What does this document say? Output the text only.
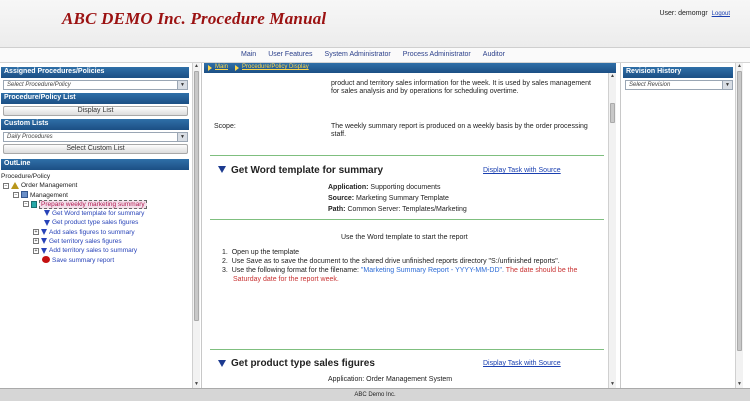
ABC DEMO Inc. Procedure Manual	User: demomgr Logout
Main User Features System Administrator Process Administrator Auditor
Assigned Procedures/Policies
Select Procedure/Policy	▼
Procedure/Policy List
Display List
Custom Lists
Daily Procedures	▼
Select Custom List
OutLine
Procedure/Policy
− Order Management
− Management
− Prepare weekly marketing summary
Get Word template for summary
Get product type sales figures
+ Add sales figures to summary
+ Get territory sales figures
+ Add territory sales to summary
Save summary report
▲
▼
Main Procedure/Policy Display
product and territory sales information for the week. It is used by sales management
for sales analysis and by operations for scheduling overtime.
Scope:	The weekly summary report is produced on a weekly basis by the order processing
staff.
Get Word template for summary	Display Task with Source
Application: Supporting documents
Source: Marketing Summary Template
Path: Common Server: Templates/Marketing
Use the Word template to start the report
1.  Open up the template
2.  Use Save as to save the document to the shared drive unfinished reports directory "S:/unfinished reports".
3.  Use the following format for the filename: "Marketing Summary Report - YYYY-MM-DD". The date should be the
Saturday date for the report week.
Get product type sales figures	Display Task with Source
Application: Order Management System
▲
▼
Revision History
Select Revision	▼
▲
▼
ABC Demo Inc.
